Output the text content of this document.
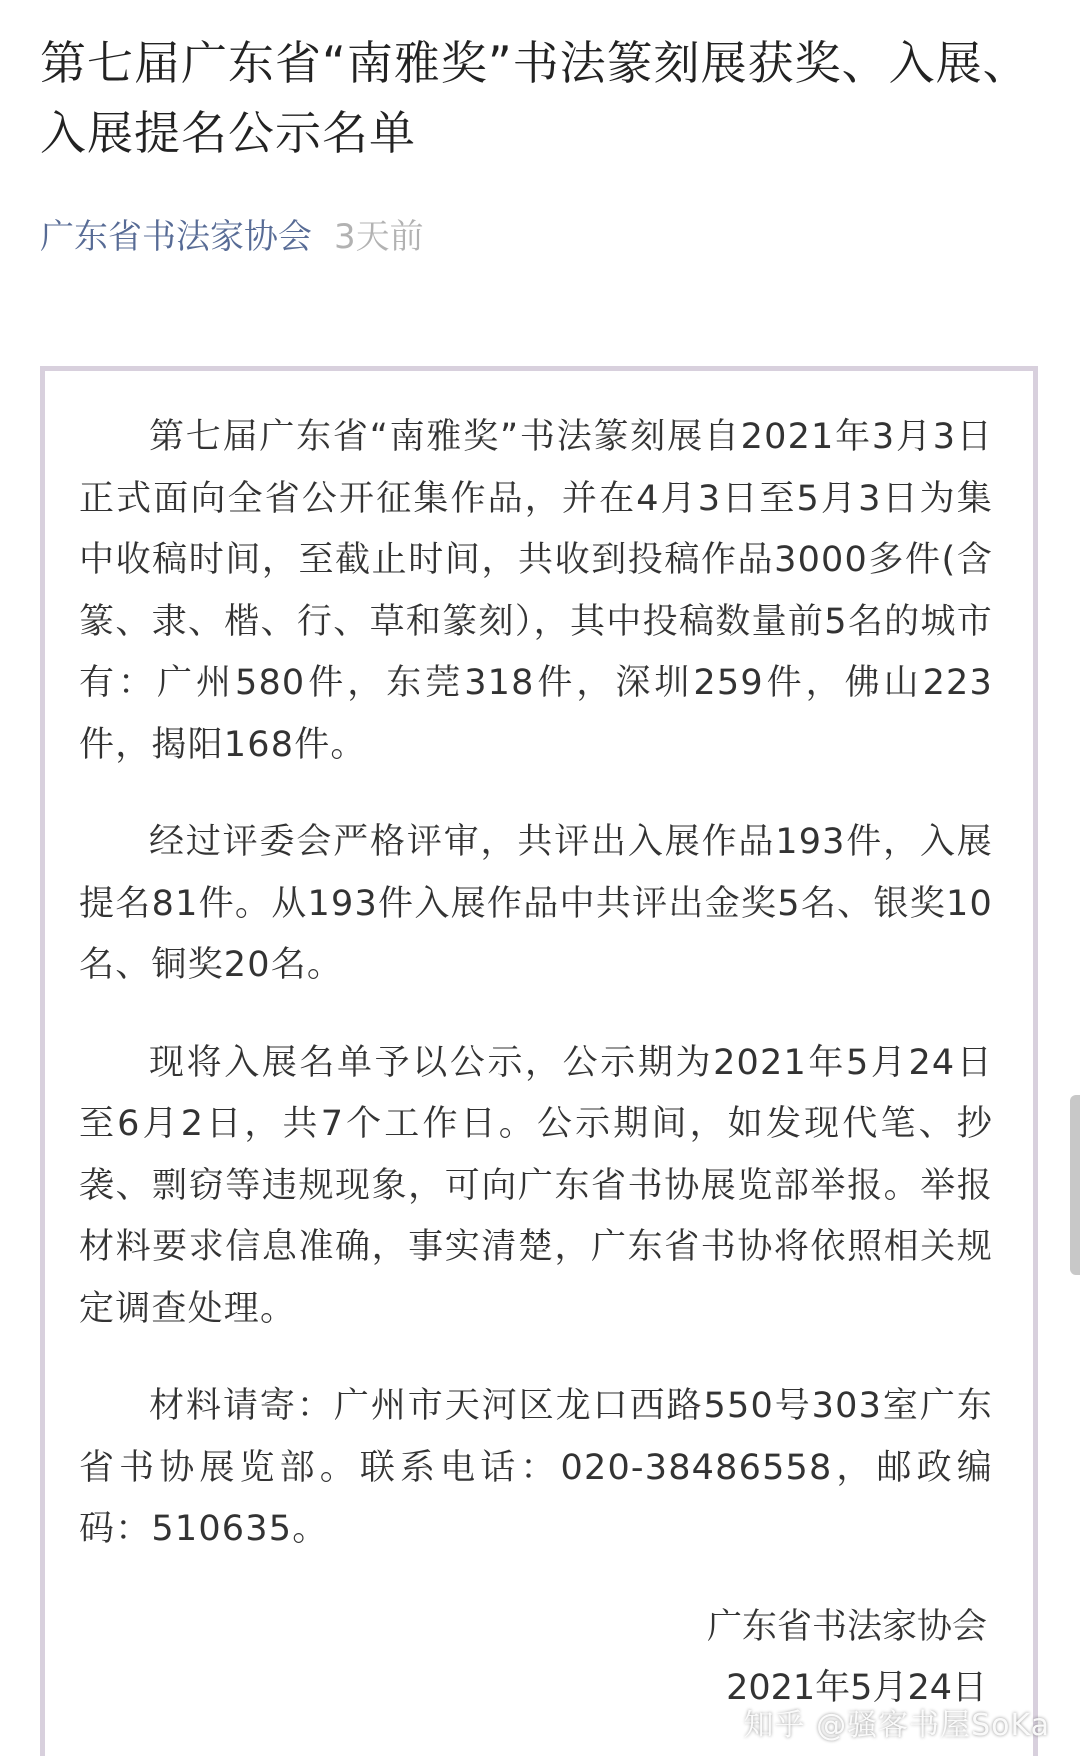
第七届广东省“南雅奖”书法篆刻展获奖、入展、入展提名公示名单
广东省书法家协会 3天前

第七届广东省“南雅奖”书法篆刻展自2021年3月3日正式面向全省公开征集作品，并在4月3日至5月3日为集中收稿时间，至截止时间，共收到投稿作品3000多件(含篆、隶、楷、行、草和篆刻），其中投稿数量前5名的城市有：广州580件，东莞318件，深圳259件，佛山223件，揭阳168件。

经过评委会严格评审，共评出入展作品193件，入展提名81件。从193件入展作品中共评出金奖5名、银奖10名、铜奖20名。

现将入展名单予以公示，公示期为2021年5月24日至6月2日，共7个工作日。公示期间，如发现代笔、抄袭、剽窃等违规现象，可向广东省书协展览部举报。举报材料要求信息准确，事实清楚，广东省书协将依照相关规定调查处理。

材料请寄：广州市天河区龙口西路550号303室广东省书协展览部。联系电话：020-38486558，邮政编码：510635。

广东省书法家协会
2021年5月24日
知乎 @骚客书屋SoKa
